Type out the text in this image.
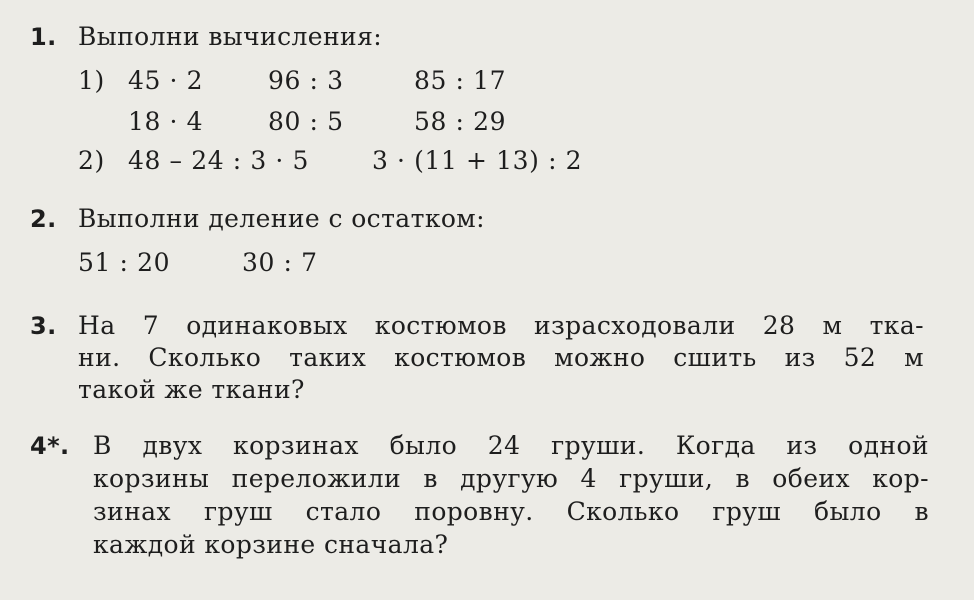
1. Выполни вычисления:
1) 45 · 2	96 : 3	85 : 17
18 · 4	80 : 5	58 : 29
2) 48 – 24 : 3 · 5	3 · (11 + 13) : 2
2. Выполни деление с остатком:
51 : 20	30 : 7
3. На 7 одинаковых костюмов израсходовали 28 м тка-
ни. Сколько таких костюмов можно сшить из 52 м
такой же ткани?
4*. В двух корзинах было 24 груши. Когда из одной
корзины переложили в другую 4 груши, в обеих кор-
зинах груш стало поровну. Сколько груш было в
каждой корзине сначала?
